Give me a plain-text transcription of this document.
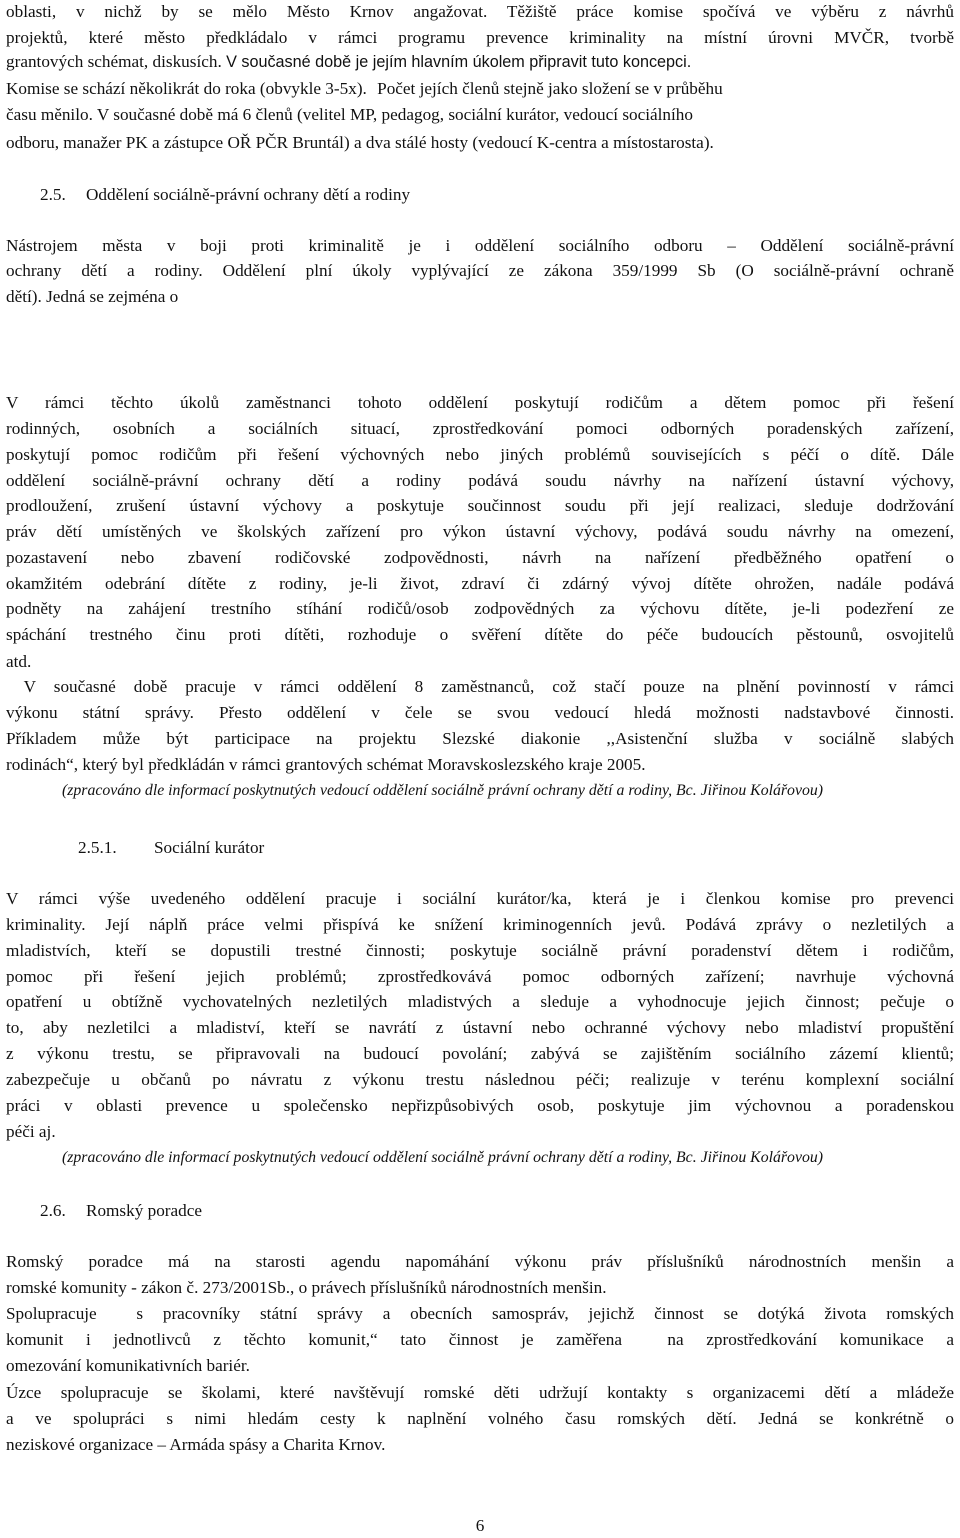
oblasti, v nichž by se mělo Město Krnov angažovat. Těžiště práce komise spočívá ve výběru z návrhů
projektů, které město předkládalo v rámci programu prevence kriminality na místní úrovni MVČR, tvorbě
grantových schémat, diskusích. V současné době je jejím hlavním úkolem připravit tuto koncepci.
Komise se schází několikrát do roka (obvykle 3-5x). Počet jejích členů stejně jako složení se v průběhu
času měnilo. V současné době má 6 členů (velitel MP, pedagog, sociální kurátor, vedoucí sociálního
odboru, manažer PK a zástupce OŘ PČR Bruntál) a dva stálé hosty (vedoucí K-centra a místostarosta).
2.5. Oddělení sociálně-právní ochrany dětí a rodiny
Nástrojem města v boji proti kriminalitě je i oddělení sociálního odboru – Oddělení sociálně-právní
ochrany dětí a rodiny. Oddělení plní úkoly vyplývající ze zákona 359/1999 Sb (O sociálně-právní ochraně
dětí). Jedná se zejména o
V rámci těchto úkolů zaměstnanci tohoto oddělení poskytují rodičům a dětem pomoc při řešení
rodinných, osobních a sociálních situací, zprostředkování pomoci odborných poradenských zařízení,
poskytují pomoc rodičům při řešení výchovných nebo jiných problémů souvisejících s péčí o dítě. Dále
oddělení sociálně-právní ochrany dětí a rodiny podává soudu návrhy na nařízení ústavní výchovy,
prodloužení, zrušení ústavní výchovy a poskytuje součinnost soudu při její realizaci, sleduje dodržování
práv dětí umístěných ve školských zařízení pro výkon ústavní výchovy, podává soudu návrhy na omezení,
pozastavení nebo zbavení rodičovské zodpovědnosti, návrh na nařízení předběžného opatření o
okamžitém odebrání dítěte z rodiny, je-li život, zdraví či zdárný vývoj dítěte ohrožen, nadále podává
podněty na zahájení trestního stíhání rodičů/osob zodpovědných za výchovu dítěte, je-li podezření ze
spáchání trestného činu proti dítěti, rozhoduje o svěření dítěte do péče budoucích pěstounů, osvojitelů
atd.
V současné době pracuje v rámci oddělení 8 zaměstnanců, což stačí pouze na plnění povinností v rámci
výkonu státní správy. Přesto oddělení v čele se svou vedoucí hledá možnosti nadstavbové činnosti.
Příkladem může být participace na projektu Slezské diakonie ,,Asistenční služba v sociálně slabých
rodinách“, který byl předkládán v rámci grantových schémat Moravskoslezského kraje 2005.
(zpracováno dle informací poskytnutých vedoucí oddělení sociálně právní ochrany dětí a rodiny, Bc. Jiřinou Kolářovou)
2.5.1. Sociální kurátor
V rámci výše uvedeného oddělení pracuje i sociální kurátor/ka, která je i členkou komise pro prevenci
kriminality. Její náplň práce velmi přispívá ke snížení kriminogenních jevů. Podává zprávy o nezletilých a
mladistvích, kteří se dopustili trestné činnosti; poskytuje sociálně právní poradenství dětem i rodičům,
pomoc při řešení jejich problémů; zprostředkovává pomoc odborných zařízení; navrhuje výchovná
opatření u obtížně vychovatelných nezletilých mladistvých a sleduje a vyhodnocuje jejich činnost; pečuje o
to, aby nezletilci a mladiství, kteří se navrátí z ústavní nebo ochranné výchovy nebo mladiství propuštění
z výkonu trestu, se připravovali na budoucí povolání; zabývá se zajištěním sociálního zázemí klientů;
zabezpečuje u občanů po návratu z výkonu trestu následnou péči; realizuje v terénu komplexní sociální
práci v oblasti prevence u společensko nepřizpůsobivých osob, poskytuje jim výchovnou a poradenskou
péči aj.
(zpracováno dle informací poskytnutých vedoucí oddělení sociálně právní ochrany dětí a rodiny, Bc. Jiřinou Kolářovou)
2.6. Romský poradce
Romský poradce má na starosti agendu napomáhání výkonu práv příslušníků národnostních menšin a
romské komunity - zákon č. 273/2001Sb., o právech příslušníků národnostních menšin.
Spolupracuje  s pracovníky státní správy a obecních samospráv, jejichž činnost se dotýká života romských
komunit i jednotlivců z těchto komunit,“ tato činnost je zaměřena  na zprostředkování komunikace a
omezování komunikativních bariér.
Úzce spolupracuje se školami, které navštěvují romské děti udržují kontakty s organizacemi dětí a mládeže
a ve spolupráci s nimi hledám cesty k naplnění volného času romských dětí. Jedná se konkrétně o
neziskové organizace – Armáda spásy a Charita Krnov.
6
